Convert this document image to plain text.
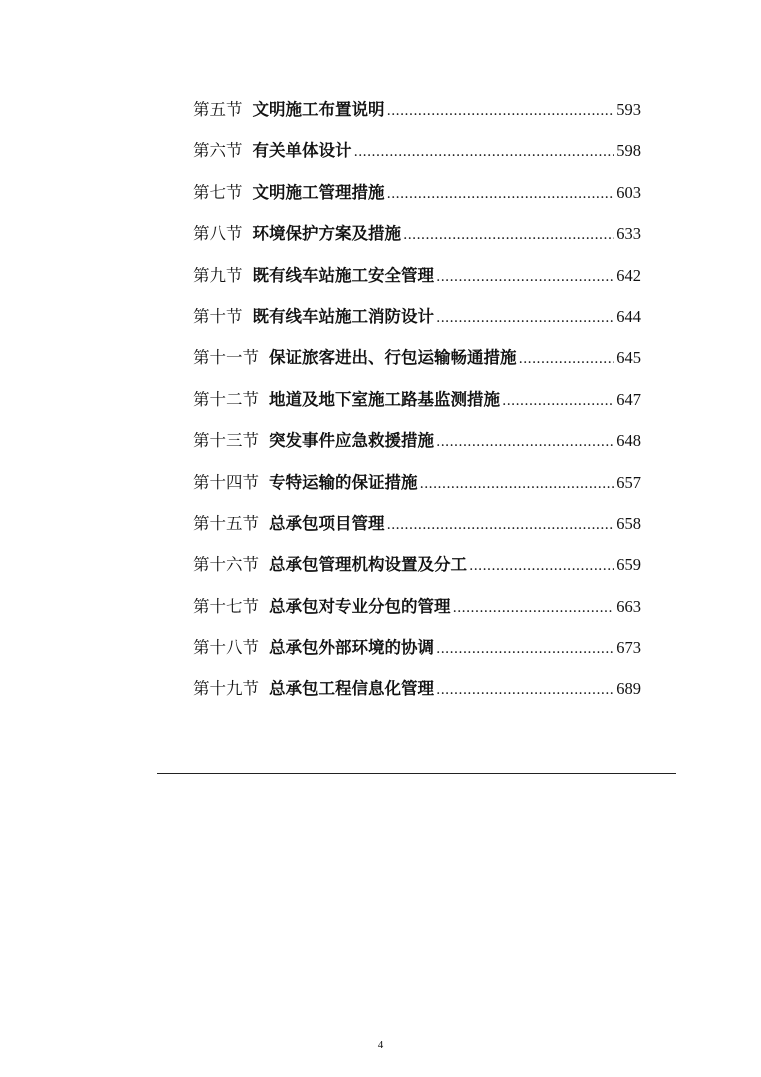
第五节 文明施工布置说明 .....	593
第六节 有关单体设计 .....	598
第七节 文明施工管理措施 .....	603
第八节 环境保护方案及措施 .....	633
第九节 既有线车站施工安全管理 .....	642
第十节 既有线车站施工消防设计 .....	644
第十一节 保证旅客进出、行包运输畅通措施 .....	645
第十二节 地道及地下室施工路基监测措施 .....	647
第十三节 突发事件应急救援措施 .....	648
第十四节 专特运输的保证措施 .....	657
第十五节 总承包项目管理 .....	658
第十六节 总承包管理机构设置及分工 .....	659
第十七节 总承包对专业分包的管理 .....	663
第十八节 总承包外部环境的协调 .....	673
第十九节 总承包工程信息化管理 .....	689
4
